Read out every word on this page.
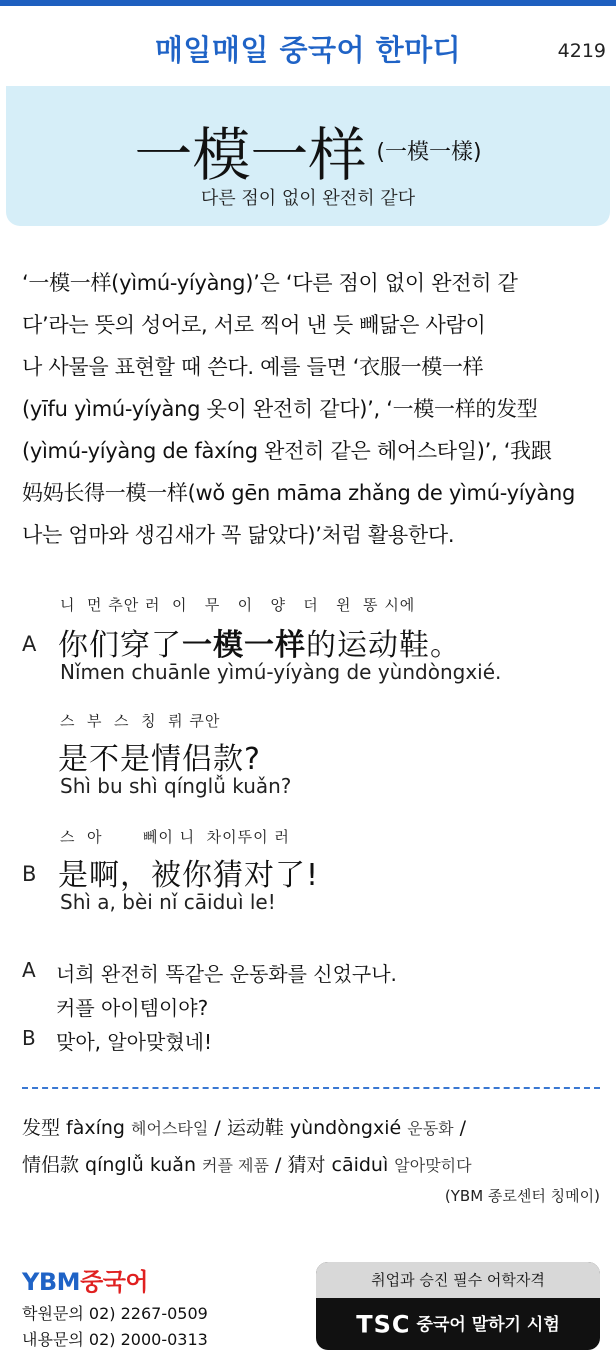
매일매일 중국어 한마디	4219
一模一样 (一模一樣)
다른 점이 없이 완전히 같다
‘一模一样(yìmú-yíyàng)’은 ‘다른 점이 없이 완전히 같
다’라는 뜻의 성어로, 서로 찍어 낸 듯 빼닮은 사람이
나 사물을 표현할 때 쓴다. 예를 들면 ‘衣服一模一样
(yīfu yìmú-yíyàng 옷이 완전히 같다)’, ‘一模一样的发型
(yìmú-yíyàng de fàxíng 완전히 같은 헤어스타일)’, ‘我跟
妈妈长得一模一样(wǒ gēn māma zhǎng de yìmú-yíyàng
나는 엄마와 생김새가 꼭 닮았다)’처럼 활용한다.
니  먼 추안 러  이   무   이   양   더   윈  똥 시에
A 你们穿了一模一样的运动鞋。
Nǐmen chuānle yìmú-yíyàng de yùndòngxié.
스  부  스  칭  뤼 쿠안
是不是情侣款?
Shì bu shì qínglǚ kuǎn?
스  아       뻬이 니  차이뚜이 러
B 是啊，被你猜对了!
Shì a, bèi nǐ cāiduì le!
A 너희 완전히 똑같은 운동화를 신었구나.
커플 아이템이야?
B 맞아, 알아맞혔네!
发型 fàxíng 헤어스타일 / 运动鞋 yùndòngxié 운동화 /
情侣款 qínglǚ kuǎn 커플 제품 / 猜对 cāiduì 알아맞히다
(YBM 종로센터 칭메이)
YBM중국어
학원문의 02) 2267-0509
내용문의 02) 2000-0313
취업과 승진 필수 어학자격
TSC 중국어 말하기 시험
